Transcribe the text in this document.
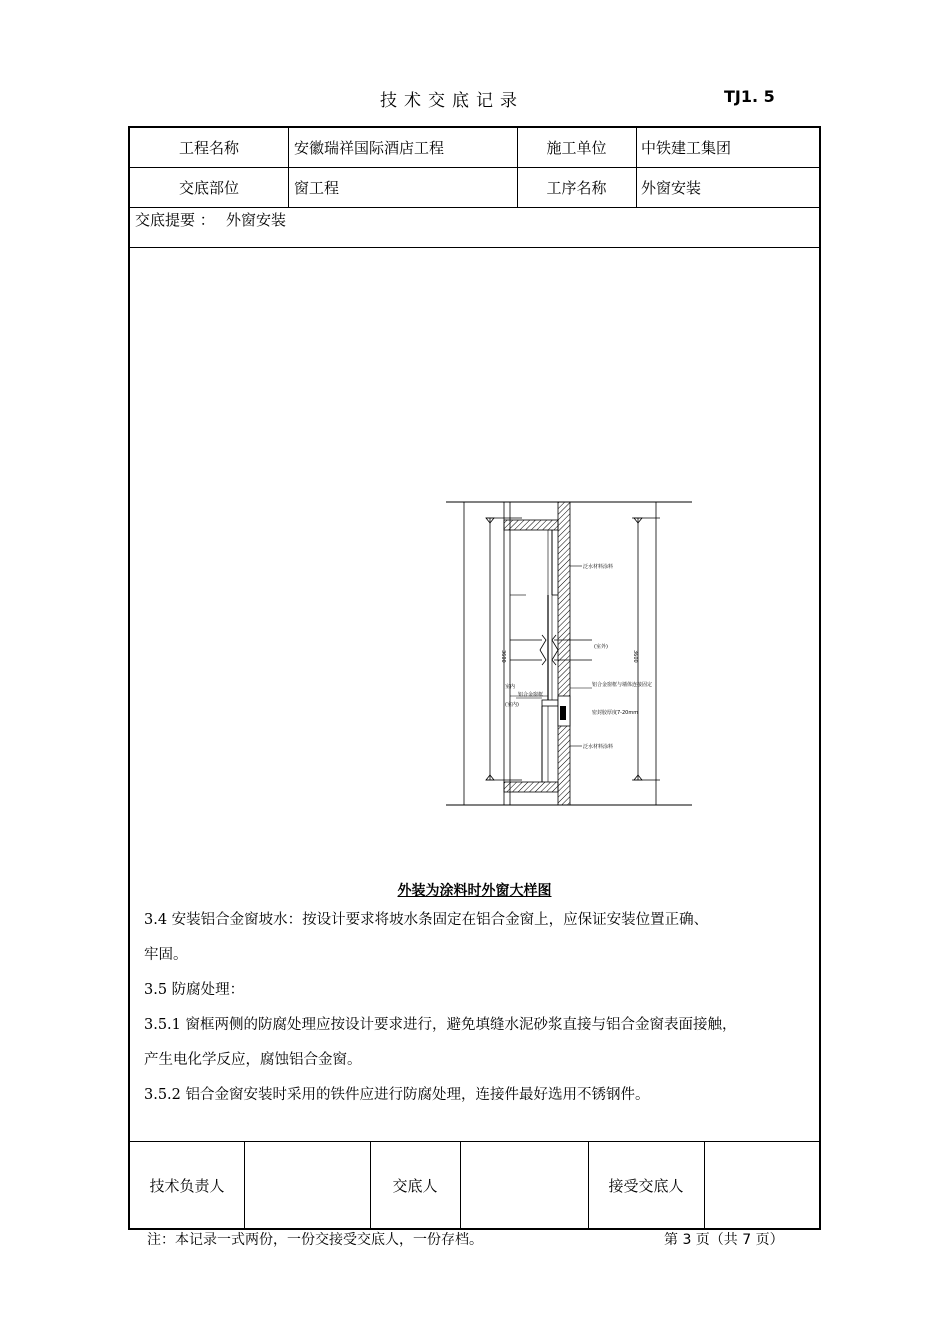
技术交底记录	TJ1. 5
工程名称	安徽瑞祥国际酒店工程	施工单位	中铁建工集团
交底部位	窗工程	工序名称	外窗安装
交底提要 ： 外窗安装
3600	3600
泛水材料涂料
(室外)
铝合金窗框与墙体连接固定
密封胶厚度7-20mm
泛水材料涂料
室内
(室内)
铝合金窗框
外装为涂料时外窗大样图
3.4 安装铝合金窗坡水：按设计要求将坡水条固定在铝合金窗上，应保证安装位置正确、
牢固。
3.5 防腐处理：
3.5.1 窗框两侧的防腐处理应按设计要求进行，避免填缝水泥砂浆直接与铝合金窗表面接触，
产生电化学反应，腐蚀铝合金窗。
3.5.2 铝合金窗安装时采用的铁件应进行防腐处理，连接件最好选用不锈钢件。
技术负责人	交底人	接受交底人
注：本记录一式两份，一份交接受交底人，一份存档。	第 3 页（共 7 页）
